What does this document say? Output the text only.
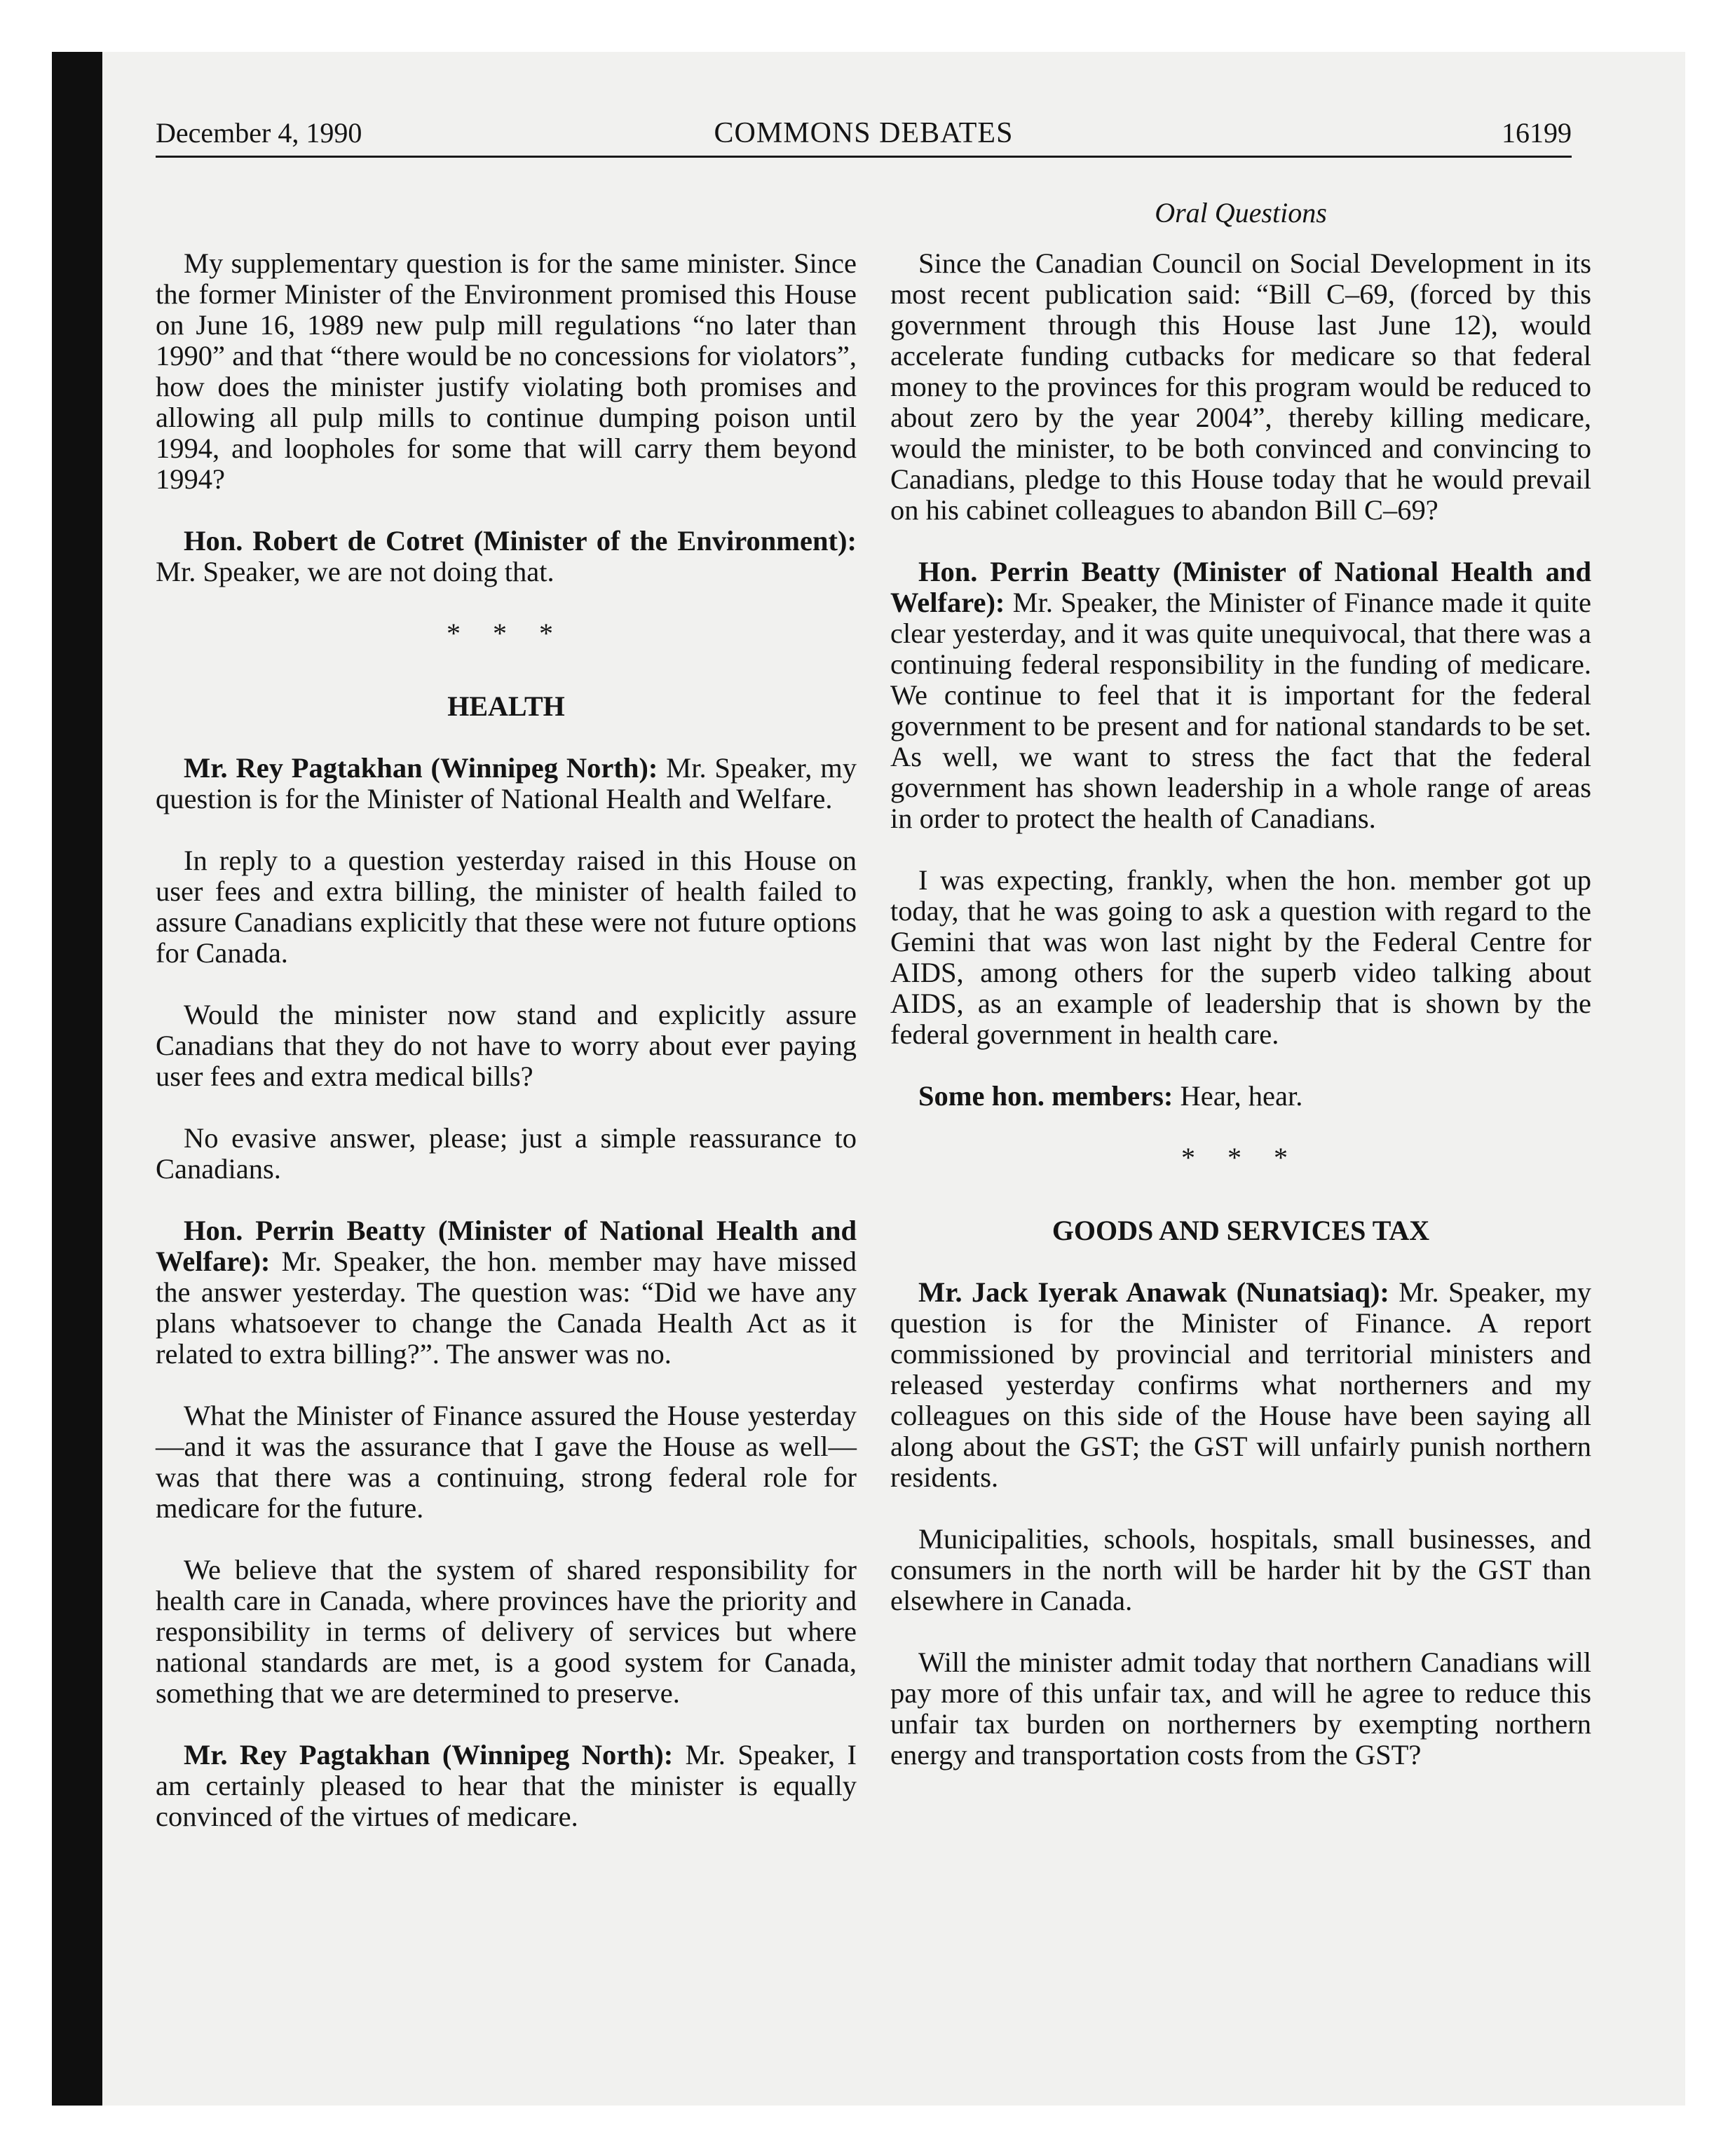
December 4, 1990	COMMONS DEBATES	16199
Oral Questions

My supplementary question is for the same minister. Since the former Minister of the Environment promised this House on June 16, 1989 new pulp mill regulations “no later than 1990” and that “there would be no concessions for violators”, how does the minister justify violating both promises and allowing all pulp mills to continue dumping poison until 1994, and loopholes for some that will carry them beyond 1994?

Hon. Robert de Cotret (Minister of the Environment): Mr. Speaker, we are not doing that.

* * *
HEALTH

Mr. Rey Pagtakhan (Winnipeg North): Mr. Speaker, my question is for the Minister of National Health and Welfare.

In reply to a question yesterday raised in this House on user fees and extra billing, the minister of health failed to assure Canadians explicitly that these were not future options for Canada.

Would the minister now stand and explicitly assure Canadians that they do not have to worry about ever paying user fees and extra medical bills?

No evasive answer, please; just a simple reassurance to Canadians.

Hon. Perrin Beatty (Minister of National Health and Welfare): Mr. Speaker, the hon. member may have missed the answer yesterday. The question was: “Did we have any plans whatsoever to change the Canada Health Act as it related to extra billing?”. The answer was no.

What the Minister of Finance assured the House yesterday—and it was the assurance that I gave the House as well—was that there was a continuing, strong federal role for medicare for the future.

We believe that the system of shared responsibility for health care in Canada, where provinces have the priority and responsibility in terms of delivery of services but where national standards are met, is a good system for Canada, something that we are determined to preserve.

Mr. Rey Pagtakhan (Winnipeg North): Mr. Speaker, I am certainly pleased to hear that the minister is equally convinced of the virtues of medicare.

Since the Canadian Council on Social Development in its most recent publication said: “Bill C–69, (forced by this government through this House last June 12), would accelerate funding cutbacks for medicare so that federal money to the provinces for this program would be reduced to about zero by the year 2004”, thereby killing medicare, would the minister, to be both convinced and convincing to Canadians, pledge to this House today that he would prevail on his cabinet colleagues to abandon Bill C–69?

Hon. Perrin Beatty (Minister of National Health and Welfare): Mr. Speaker, the Minister of Finance made it quite clear yesterday, and it was quite unequivocal, that there was a continuing federal responsibility in the funding of medicare. We continue to feel that it is important for the federal government to be present and for national standards to be set. As well, we want to stress the fact that the federal government has shown leadership in a whole range of areas in order to protect the health of Canadians.

I was expecting, frankly, when the hon. member got up today, that he was going to ask a question with regard to the Gemini that was won last night by the Federal Centre for AIDS, among others for the superb video talking about AIDS, as an example of leadership that is shown by the federal government in health care.

Some hon. members: Hear, hear.

* * *
GOODS AND SERVICES TAX

Mr. Jack Iyerak Anawak (Nunatsiaq): Mr. Speaker, my question is for the Minister of Finance. A report commissioned by provincial and territorial ministers and released yesterday confirms what northerners and my colleagues on this side of the House have been saying all along about the GST; the GST will unfairly punish northern residents.

Municipalities, schools, hospitals, small businesses, and consumers in the north will be harder hit by the GST than elsewhere in Canada.

Will the minister admit today that northern Canadians will pay more of this unfair tax, and will he agree to reduce this unfair tax burden on northerners by exempting northern energy and transportation costs from the GST?
